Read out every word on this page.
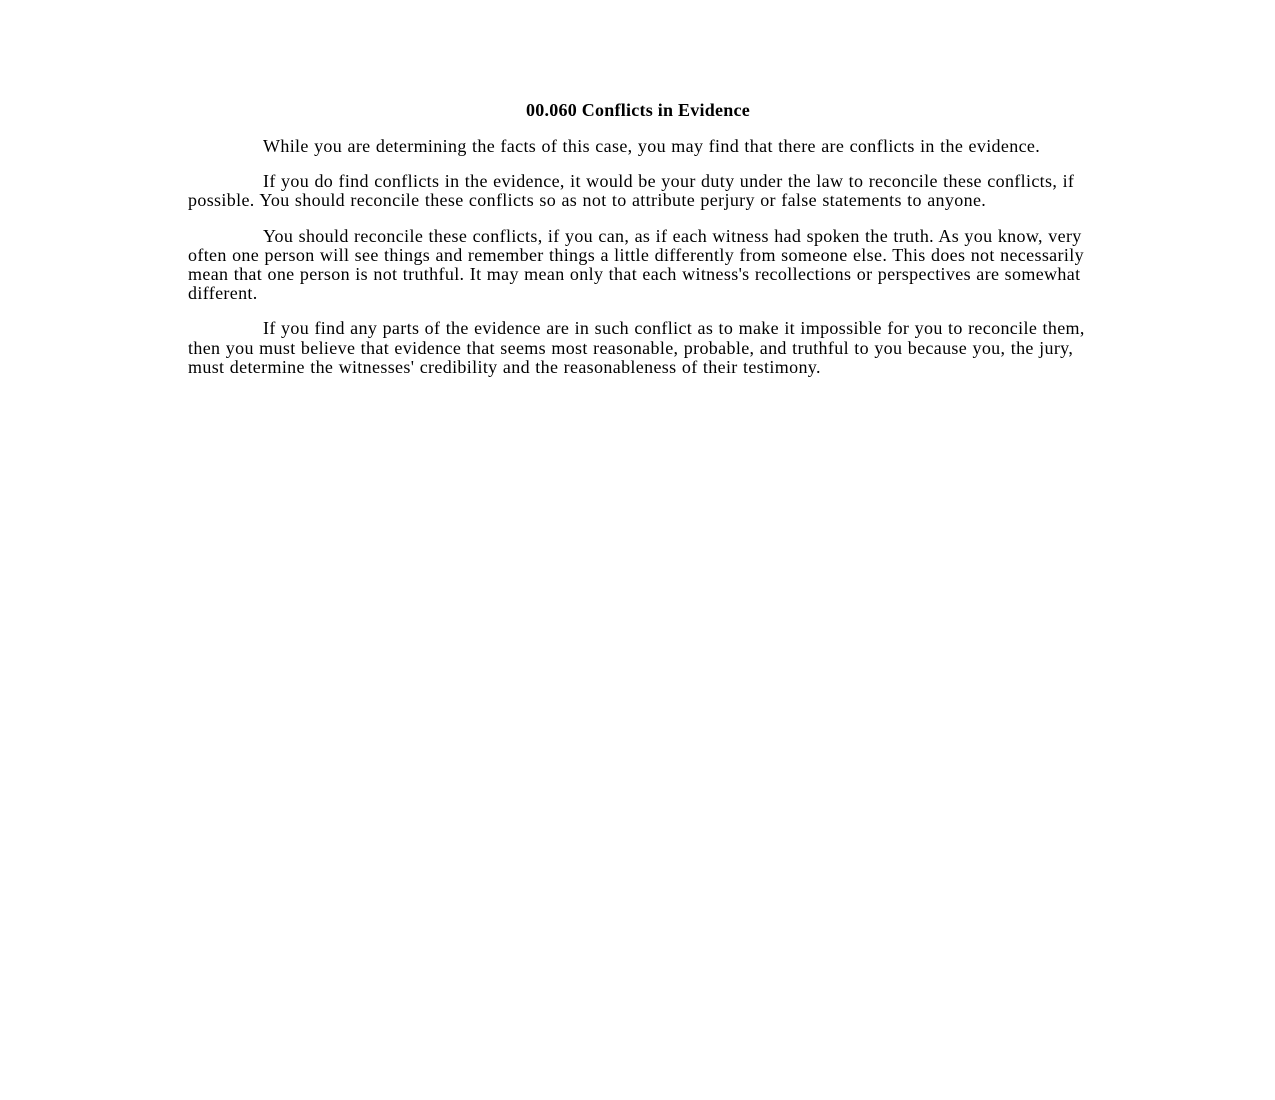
00.060 Conflicts in Evidence

While you are determining the facts of this case, you may find that there are conflicts in the evidence.

If you do find conflicts in the evidence, it would be your duty under the law to reconcile these conflicts, if possible. You should reconcile these conflicts so as not to attribute perjury or false statements to anyone.

You should reconcile these conflicts, if you can, as if each witness had spoken the truth. As you know, very often one person will see things and remember things a little differently from someone else. This does not necessarily mean that one person is not truthful. It may mean only that each witness's recollections or perspectives are somewhat different.

If you find any parts of the evidence are in such conflict as to make it impossible for you to reconcile them, then you must believe that evidence that seems most reasonable, probable, and truthful to you because you, the jury, must determine the witnesses' credibility and the reasonableness of their testimony.
